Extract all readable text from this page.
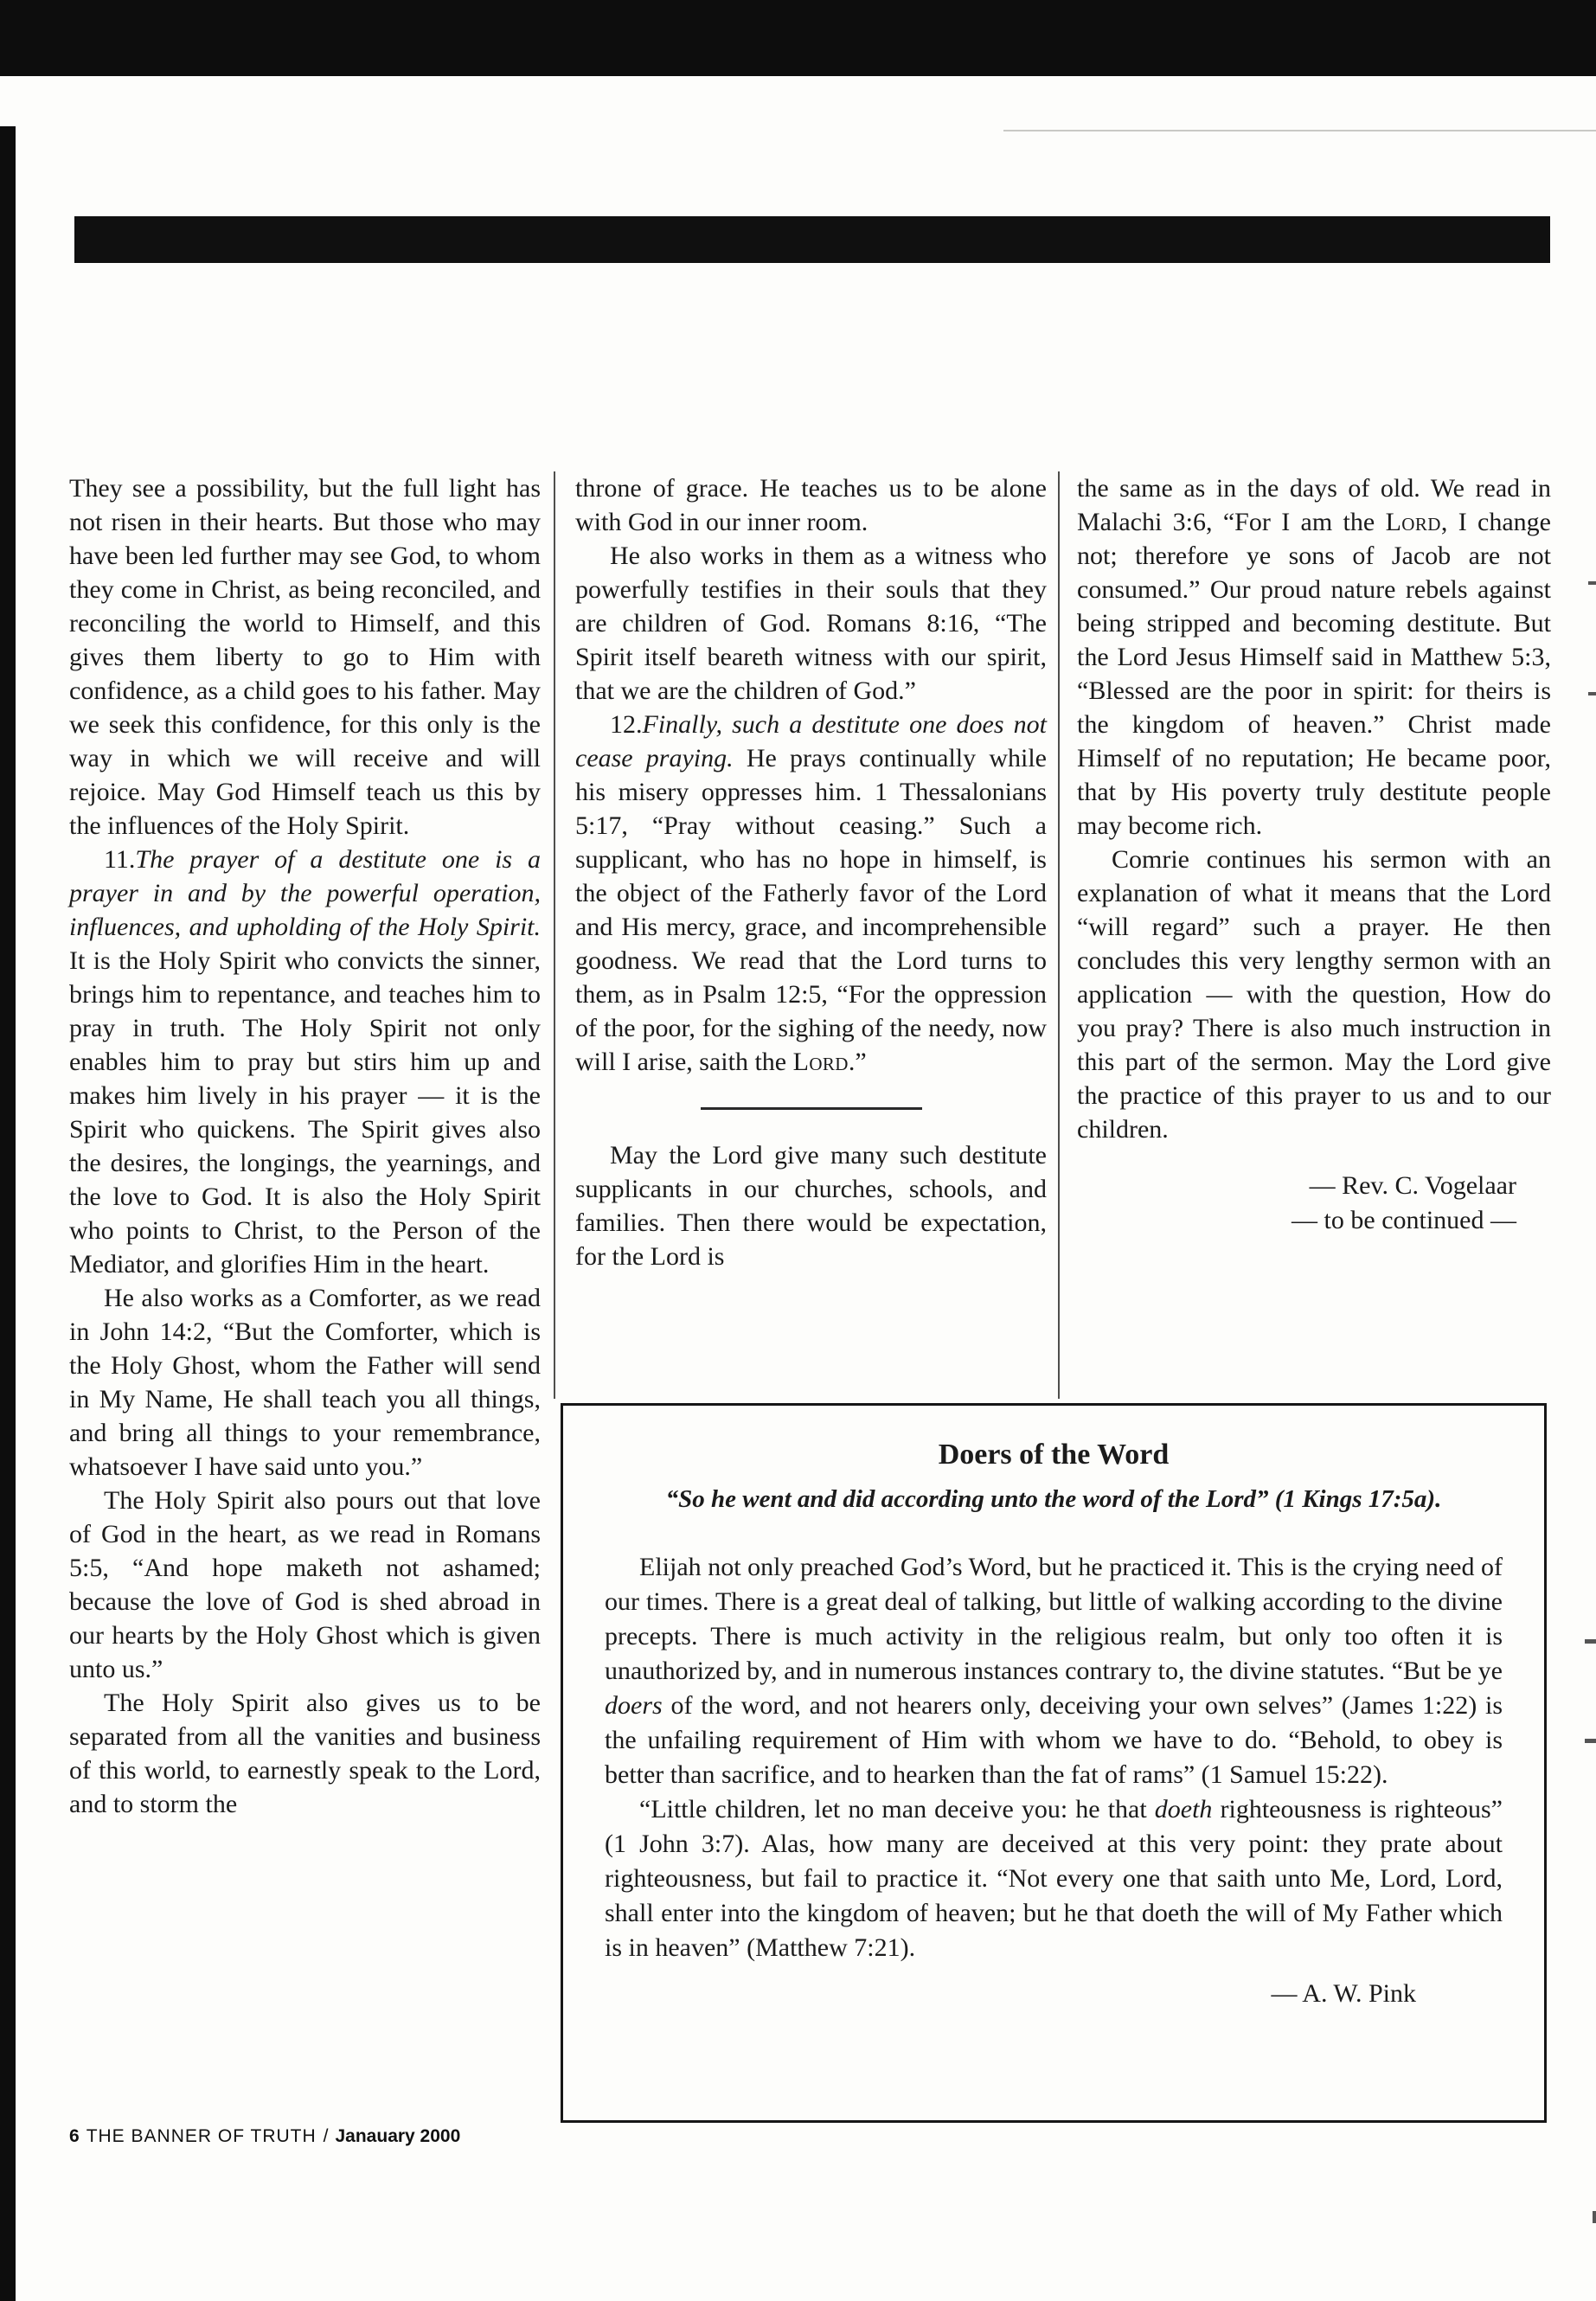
They see a possibility, but the full light has not risen in their hearts. But those who may have been led further may see God, to whom they come in Christ, as being reconciled, and reconciling the world to Himself, and this gives them liberty to go to Him with confidence, as a child goes to his father. May we seek this confidence, for this only is the way in which we will receive and will rejoice. May God Himself teach us this by the influences of the Holy Spirit.

11.The prayer of a destitute one is a prayer in and by the powerful operation, influences, and upholding of the Holy Spirit. It is the Holy Spirit who convicts the sinner, brings him to repentance, and teaches him to pray in truth. The Holy Spirit not only enables him to pray but stirs him up and makes him lively in his prayer — it is the Spirit who quickens. The Spirit gives also the desires, the longings, the yearnings, and the love to God. It is also the Holy Spirit who points to Christ, to the Person of the Mediator, and glorifies Him in the heart.

He also works as a Comforter, as we read in John 14:2, “But the Comforter, which is the Holy Ghost, whom the Father will send in My Name, He shall teach you all things, and bring all things to your remembrance, whatsoever I have said unto you.”

The Holy Spirit also pours out that love of God in the heart, as we read in Romans 5:5, “And hope maketh not ashamed; because the love of God is shed abroad in our hearts by the Holy Ghost which is given unto us.”

The Holy Spirit also gives us to be separated from all the vanities and business of this world, to earnestly speak to the Lord, and to storm the

throne of grace. He teaches us to be alone with God in our inner room.

He also works in them as a witness who powerfully testifies in their souls that they are children of God. Romans 8:16, “The Spirit itself beareth witness with our spirit, that we are the children of God.”

12.Finally, such a destitute one does not cease praying. He prays continually while his misery oppresses him. 1 Thessalonians 5:17, “Pray without ceasing.” Such a supplicant, who has no hope in himself, is the object of the Fatherly favor of the Lord and His mercy, grace, and incomprehensible goodness. We read that the Lord turns to them, as in Psalm 12:5, “For the oppression of the poor, for the sighing of the needy, now will I arise, saith the Lord.”

May the Lord give many such destitute supplicants in our churches, schools, and families. Then there would be expectation, for the Lord is

the same as in the days of old. We read in Malachi 3:6, “For I am the Lord, I change not; therefore ye sons of Jacob are not consumed.” Our proud nature rebels against being stripped and becoming destitute. But the Lord Jesus Himself said in Matthew 5:3, “Blessed are the poor in spirit: for theirs is the kingdom of heaven.” Christ made Himself of no reputation; He became poor, that by His poverty truly destitute people may become rich.

Comrie continues his sermon with an explanation of what it means that the Lord “will regard” such a prayer. He then concludes this very lengthy sermon with an application — with the question, How do you pray? There is also much instruction in this part of the sermon. May the Lord give the practice of this prayer to us and to our children.

— Rev. C. Vogelaar
— to be continued —
Doers of the Word
“So he went and did according unto the word of the Lord” (1 Kings 17:5a).

Elijah not only preached God’s Word, but he practiced it. This is the crying need of our times. There is a great deal of talking, but little of walking according to the divine precepts. There is much activity in the religious realm, but only too often it is unauthorized by, and in numerous instances contrary to, the divine statutes. “But be ye doers of the word, and not hearers only, deceiving your own selves” (James 1:22) is the unfailing requirement of Him with whom we have to do. “Behold, to obey is better than sacrifice, and to hearken than the fat of rams” (1 Samuel 15:22).

“Little children, let no man deceive you: he that doeth righteousness is righteous” (1 John 3:7). Alas, how many are deceived at this very point: they prate about righteousness, but fail to practice it. “Not every one that saith unto Me, Lord, Lord, shall enter into the kingdom of heaven; but he that doeth the will of My Father which is in heaven” (Matthew 7:21).

— A. W. Pink
6 THE BANNER OF TRUTH / Janauary 2000
